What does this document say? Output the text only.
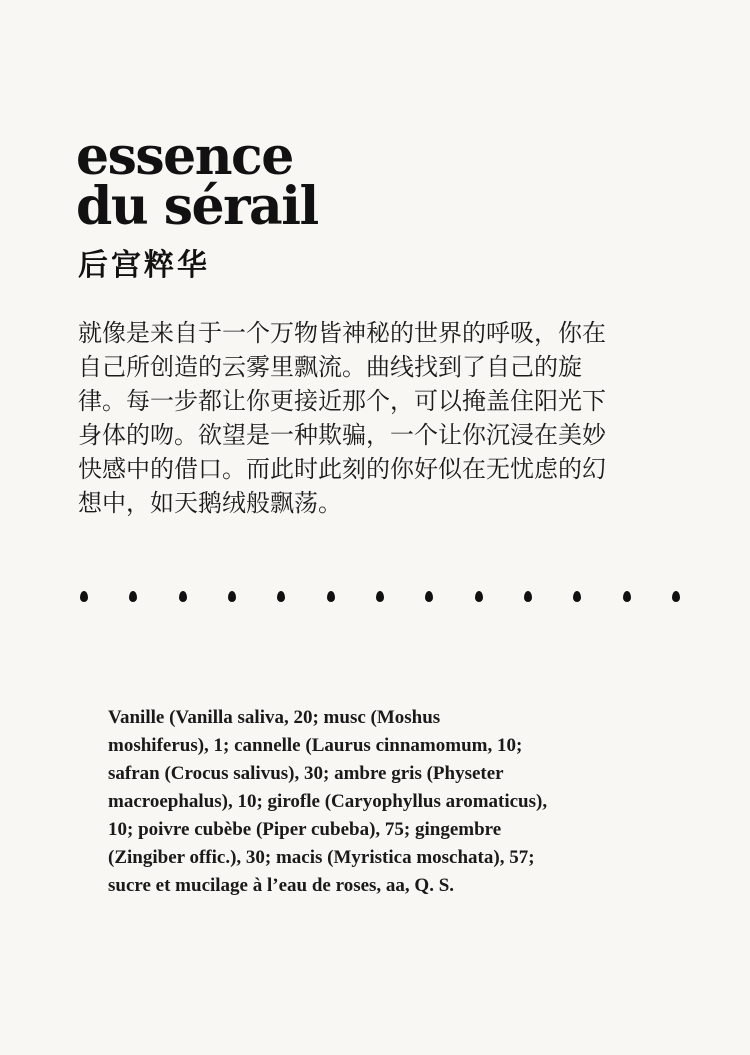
essence
du sérail
后宫粹华
就像是来自于一个万物皆神秘的世界的呼吸，你在
自己所创造的云雾里飘流。曲线找到了自己的旋
律。每一步都让你更接近那个，可以掩盖住阳光下
身体的吻。欲望是一种欺骗，一个让你沉浸在美妙
快感中的借口。而此时此刻的你好似在无忧虑的幻
想中，如天鹅绒般飘荡。
Vanille (Vanilla saliva, 20; musc (Moshus
moshiferus), 1; cannelle (Laurus cinnamomum, 10;
safran (Crocus salivus), 30; ambre gris (Physeter
macroephalus), 10; girofle (Caryophyllus aromaticus),
10; poivre cubèbe (Piper cubeba), 75; gingembre
(Zingiber offic.), 30; macis (Myristica moschata), 57;
sucre et mucilage à l’eau de roses, aa, Q. S.
